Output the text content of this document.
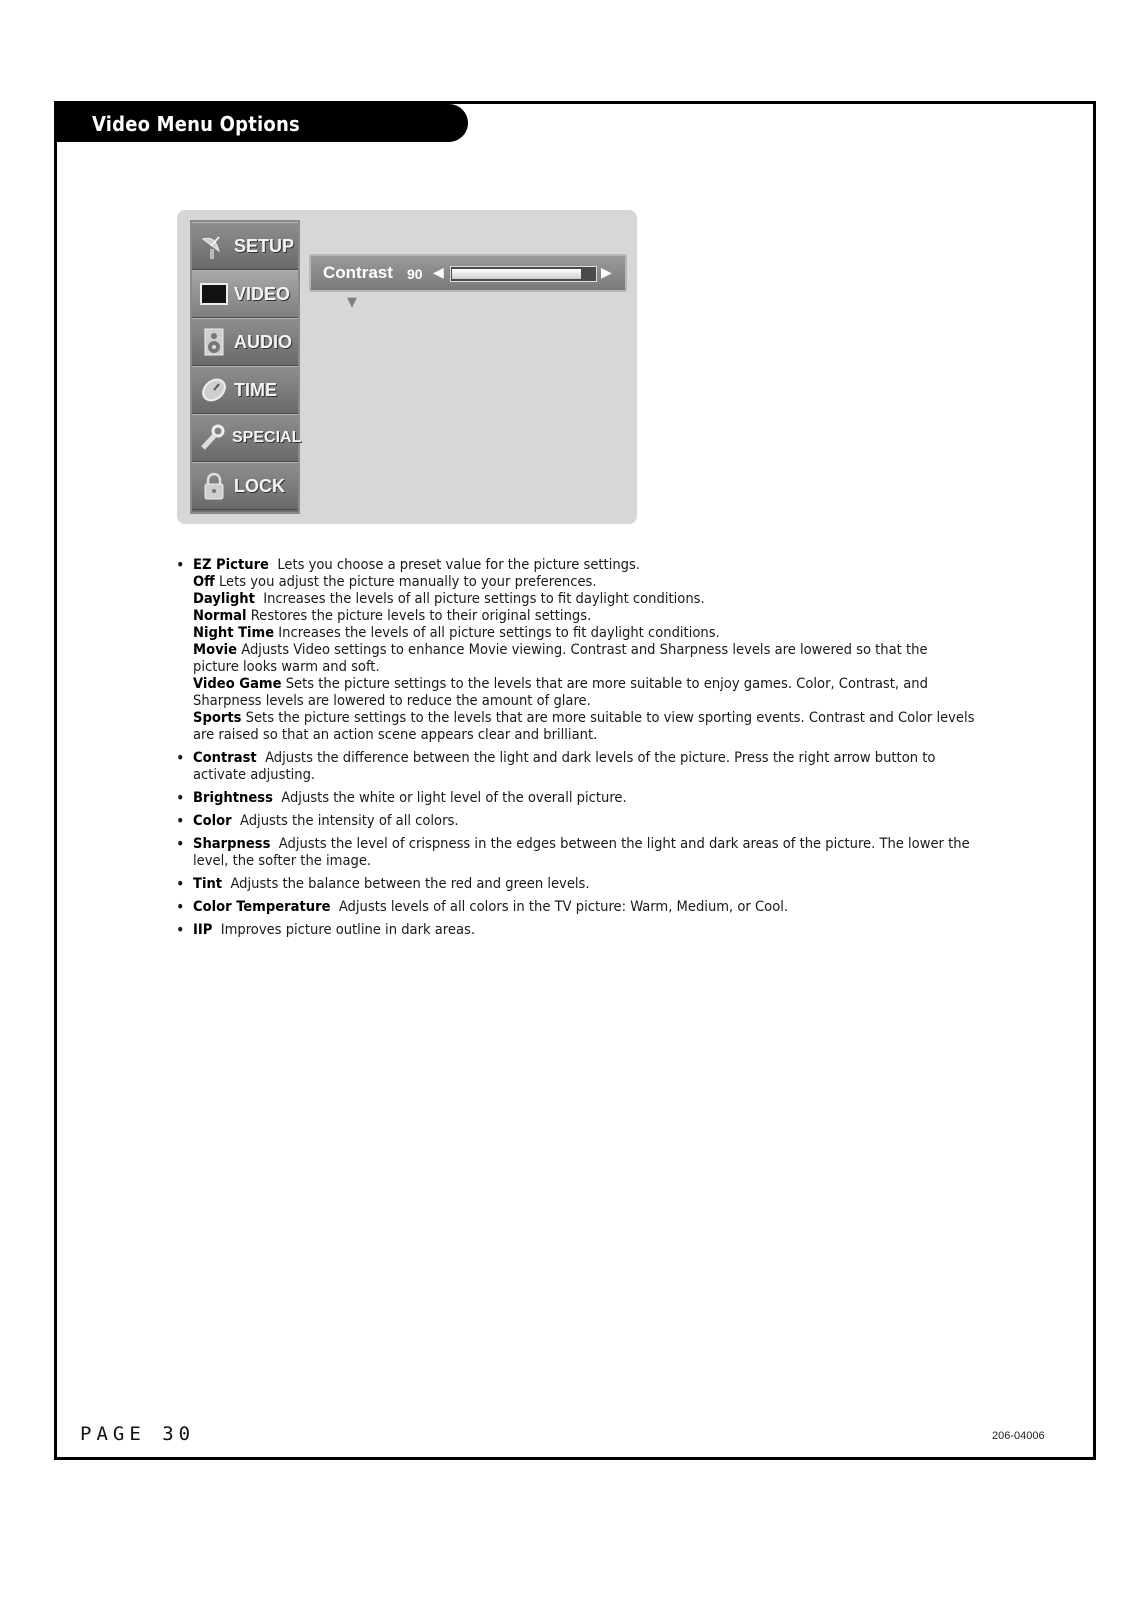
Video Menu Options
SETUP
VIDEO
AUDIO
TIME
SPECIAL
LOCK
Contrast 90 ◀	▶
▼
• EZ Picture Lets you choose a preset value for the picture settings.
Off Lets you adjust the picture manually to your preferences.
Daylight Increases the levels of all picture settings to fit daylight conditions.
Normal Restores the picture levels to their original settings.
Night Time Increases the levels of all picture settings to fit daylight conditions.
Movie Adjusts Video settings to enhance Movie viewing. Contrast and Sharpness levels are lowered so that the picture looks warm and soft.
Video Game Sets the picture settings to the levels that are more suitable to enjoy games. Color, Contrast, and Sharpness levels are lowered to reduce the amount of glare.
Sports Sets the picture settings to the levels that are more suitable to view sporting events. Contrast and Color levels are raised so that an action scene appears clear and brilliant.
• Contrast Adjusts the difference between the light and dark levels of the picture. Press the right arrow button to activate adjusting.
• Brightness Adjusts the white or light level of the overall picture.
• Color Adjusts the intensity of all colors.
• Sharpness Adjusts the level of crispness in the edges between the light and dark areas of the picture. The lower the level, the softer the image.
• Tint Adjusts the balance between the red and green levels.
• Color Temperature Adjusts levels of all colors in the TV picture: Warm, Medium, or Cool.
• IIP Improves picture outline in dark areas.
PAGE 30	206-04006
